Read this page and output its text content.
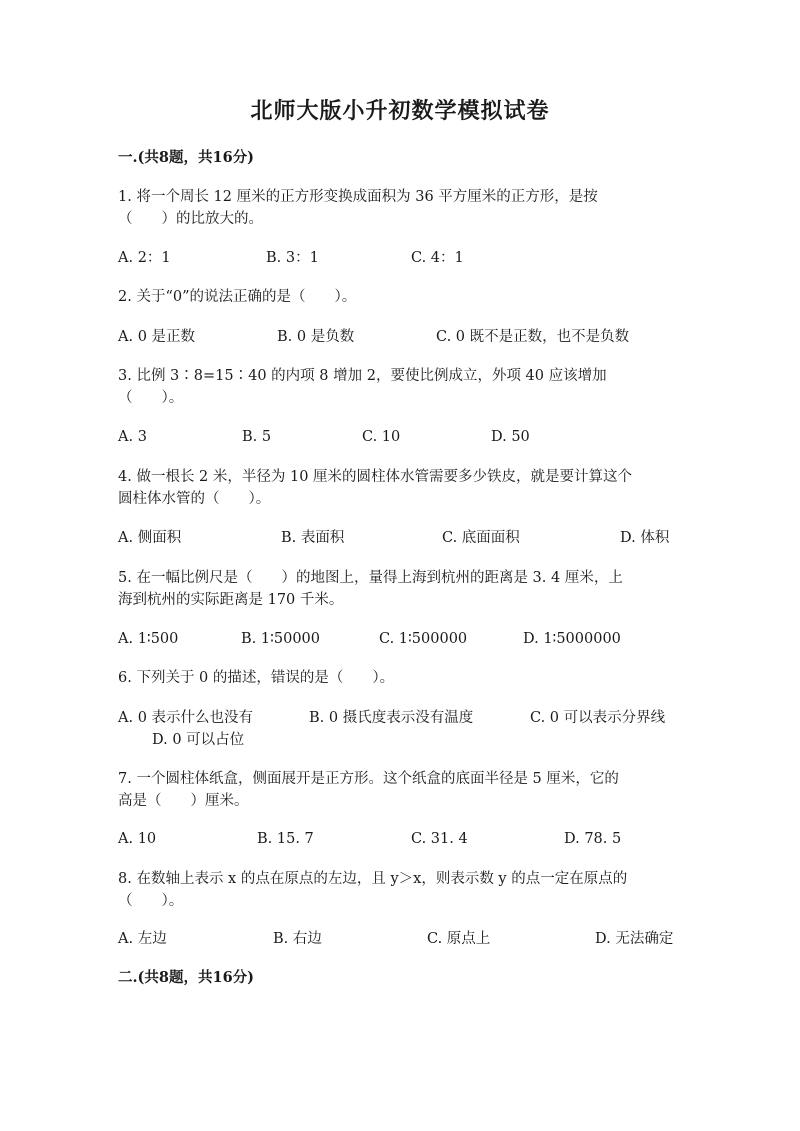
北师大版小升初数学模拟试卷
一.(共8题，共16分)
1. 将一个周长 12 厘米的正方形变换成面积为 36 平方厘米的正方形，是按
（　　）的比放大的。
A. 2：1	B. 3：1	C. 4：1
2. 关于“0”的说法正确的是（　　）。
A. 0 是正数	B. 0 是负数	C. 0 既不是正数，也不是负数
3. 比例 3∶8=15∶40 的内项 8 增加 2，要使比例成立，外项 40 应该增加
（　　）。
A. 3	B. 5	C. 10	D. 50
4. 做一根长 2 米，半径为 10 厘米的圆柱体水管需要多少铁皮，就是要计算这个
圆柱体水管的（　　）。
A. 侧面积	B. 表面积	C. 底面面积	D. 体积
5. 在一幅比例尺是（　　）的地图上，量得上海到杭州的距离是 3. 4 厘米，上
海到杭州的实际距离是 170 千米。
A. 1∶500	B. 1∶50000	C. 1∶500000	D. 1∶5000000
6. 下列关于 0 的描述，错误的是（　　）。
A. 0 表示什么也没有	B. 0 摄氏度表示没有温度	C. 0 可以表示分界线
D. 0 可以占位
7. 一个圆柱体纸盒，侧面展开是正方形。这个纸盒的底面半径是 5 厘米，它的
高是（　　）厘米。
A. 10	B. 15. 7	C. 31. 4	D. 78. 5
8. 在数轴上表示 x 的点在原点的左边，且 y＞x，则表示数 y 的点一定在原点的
（　　）。
A. 左边	B. 右边	C. 原点上	D. 无法确定
二.(共8题，共16分)
